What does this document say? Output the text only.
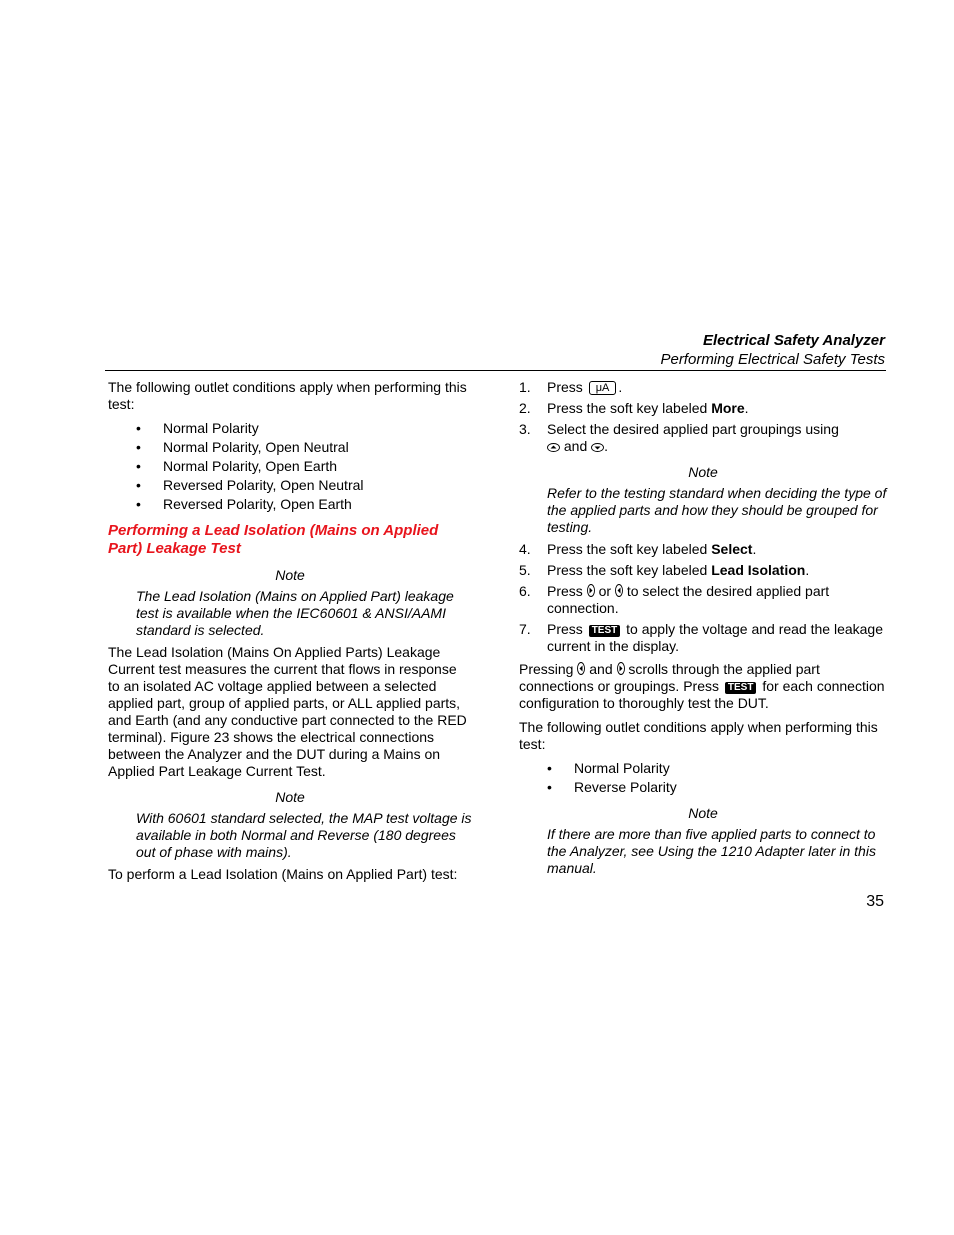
Electrical Safety Analyzer
Performing Electrical Safety Tests

The following outlet conditions apply when performing this test:

• Normal Polarity
• Normal Polarity, Open Neutral
• Normal Polarity, Open Earth
• Reversed Polarity, Open Neutral
• Reversed Polarity, Open Earth
Performing a Lead Isolation (Mains on Applied Part) Leakage Test
Note

The Lead Isolation (Mains on Applied Part) leakage test is available when the IEC60601 & ANSI/AAMI standard is selected.

The Lead Isolation (Mains On Applied Parts) Leakage Current test measures the current that flows in response to an isolated AC voltage applied between a selected applied part, group of applied parts, or ALL applied parts, and Earth (and any conductive part connected to the RED terminal). Figure 23 shows the electrical connections between the Analyzer and the DUT during a Mains on Applied Part Leakage Current Test.

Note

With 60601 standard selected, the MAP test voltage is available in both Normal and Reverse (180 degrees out of phase with mains).

To perform a Lead Isolation (Mains on Applied Part) test:

1. Press μA .
2. Press the soft key labeled More.
3. Select the desired applied part groupings using
and .
Note

Refer to the testing standard when deciding the type of the applied parts and how they should be grouped for testing.

4. Press the soft key labeled Select.
5. Press the soft key labeled Lead Isolation.
6. Press or to select the desired applied part connection.
7. Press TEST to apply the voltage and read the leakage current in the display.

Pressing and scrolls through the applied part connections or groupings. Press TEST for each connection configuration to thoroughly test the DUT.

The following outlet conditions apply when performing this test:

• Normal Polarity
• Reverse Polarity
Note

If there are more than five applied parts to connect to the Analyzer, see Using the 1210 Adapter later in this manual.

35
